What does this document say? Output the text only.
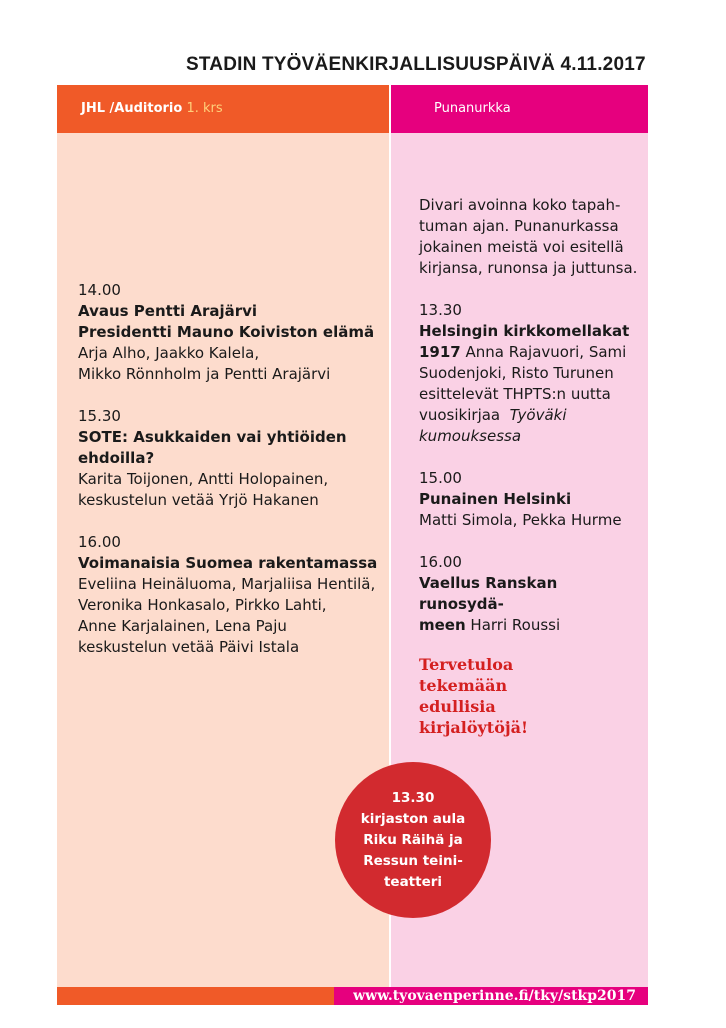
STADIN TYÖVÄENKIRJALLISUUSPÄIVÄ 4.11.2017
JHL /Auditorio 1. krs	Punanurkka
14.00

Avaus Pentti Arajärvi

Presidentti Mauno Koiviston elämä

Arja Alho, Jaakko Kalela,

Mikko Rönnholm ja Pentti Arajärvi

15.30

SOTE: Asukkaiden vai yhtiöiden

ehdoilla?

Karita Toijonen, Antti Holopainen,

keskustelun vetää Yrjö Hakanen

16.00

Voimanaisia Suomea rakentamassa

Eveliina Heinäluoma, Marjaliisa Hentilä,

Veronika Honkasalo, Pirkko Lahti,

Anne Karjalainen, Lena Paju

keskustelun vetää Päivi Istala

Divari avoinna koko tapah-

tuman ajan. Punanurkassa

jokainen meistä voi esitellä

kirjansa, runonsa ja juttunsa.

13.30

Helsingin kirkkomellakat

1917 Anna Rajavuori, Sami

Suodenjoki, Risto Turunen

esittelevät THPTS:n uutta

vuosikirjaa Työväki

kumouksessa

15.00

Punainen Helsinki

Matti Simola, Pekka Hurme

16.00

Vaellus Ranskan runosydä-

meen Harri Roussi

Tervetuloa

tekemään

edullisia

kirjalöytöjä!

13.30
kirjaston aula
Riku Räihä ja
Ressun teini-
teatteri
www.tyovaenperinne.fi/tky/stkp2017
